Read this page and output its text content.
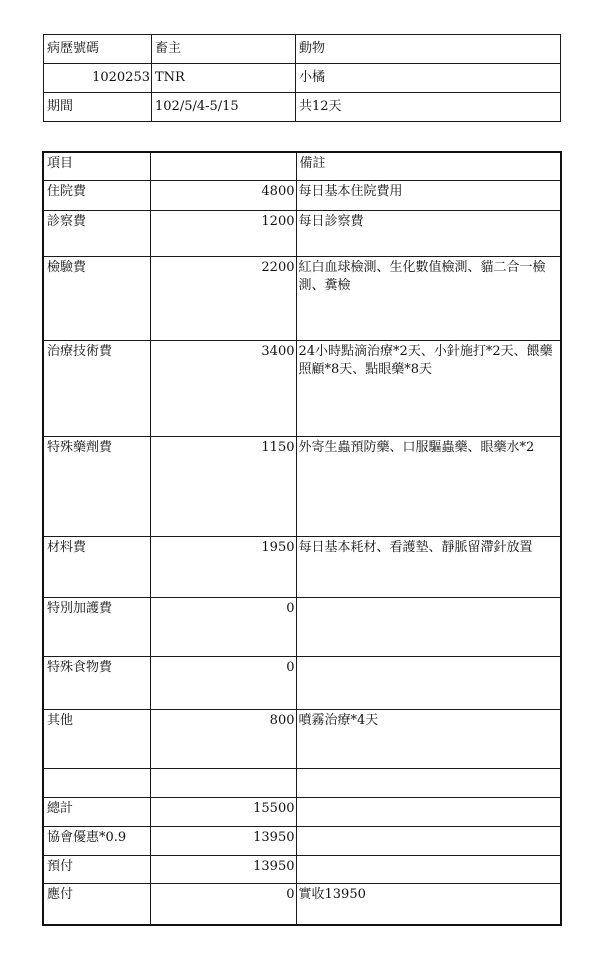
病歷號碼	畜主	動物
1020253	TNR	小橘
期間	102/5/4-5/15	共12天
項目		備註
住院費	4800	每日基本住院費用
診察費	1200	每日診察費
檢驗費	2200	紅白血球檢測、生化數值檢測、貓二合一檢測、糞檢
治療技術費	3400	24小時點滴治療*2天、小針施打*2天、餵藥照顧*8天、點眼藥*8天
特殊藥劑費	1150	外寄生蟲預防藥、口服驅蟲藥、眼藥水*2
材料費	1950	每日基本耗材、看護墊、靜脈留滯針放置
特別加護費	0	
特殊食物費	0	
其他	800	噴霧治療*4天

總計	15500	
協會優惠*0.9	13950	
預付	13950	
應付	0	實收13950
